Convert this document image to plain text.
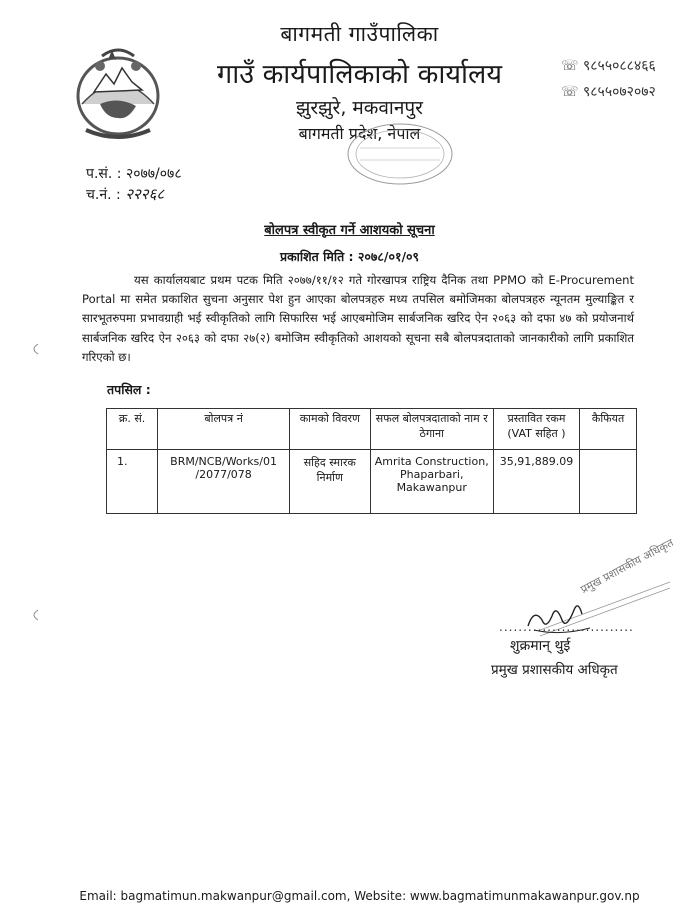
बागमती गाउँपालिका
गाउँ कार्यपालिकाको कार्यालय
झुरझुरे, मकवानपुर
बागमती प्रदेश, नेपाल
☏ ९८५५०८८४६६
☏ ९८५५०७२०७२
प.सं. : २०७७/०७८
च.नं. : २२२६८
बोलपत्र स्वीकृत गर्ने आशयको सूचना
प्रकाशित मिति : २०७८/०१/०९
यस कार्यालयबाट प्रथम पटक मिति २०७७/११/१२ गते गोरखापत्र राष्ट्रिय दैनिक तथा PPMO को E-Procurement Portal मा समेत प्रकाशित सुचना अनुसार पेश हुन आएका बोलपत्रहरु मध्य तपसिल बमोजिमका बोलपत्रहरु न्यूनतम मुल्याङ्कित र सारभूतरुपमा प्रभावग्राही भई स्वीकृतिको लागि सिफारिस भई आएबमोजिम सार्बजनिक खरिद ऐन २०६३ को दफा ४७ को प्रयोजनार्थ सार्बजनिक खरिद ऐन २०६३ को दफा २७(२) बमोजिम स्वीकृतिको आशयको सूचना सबै बोलपत्रदाताको जानकारीको लागि प्रकाशित गरिएको छ।
तपसिल :
क्र. सं.	बोलपत्र नं	कामको विवरण	सफल बोलपत्रदाताको नाम र ठेगाना	प्रस्तावित रकम (VAT सहित )	कैफियत
1.	BRM/NCB/Works/01 /2077/078	सहिद स्मारक निर्माण	Amrita Construction, Phaparbari, Makawanpur	35,91,889.09	
प्रमुख प्रशासकीय अधिकृत
............................
शुक्रमान् थुई
प्रमुख प्रशासकीय अधिकृत
Email: bagmatimun.makwanpur@gmail.com, Website: www.bagmatimunmakawanpur.gov.np
